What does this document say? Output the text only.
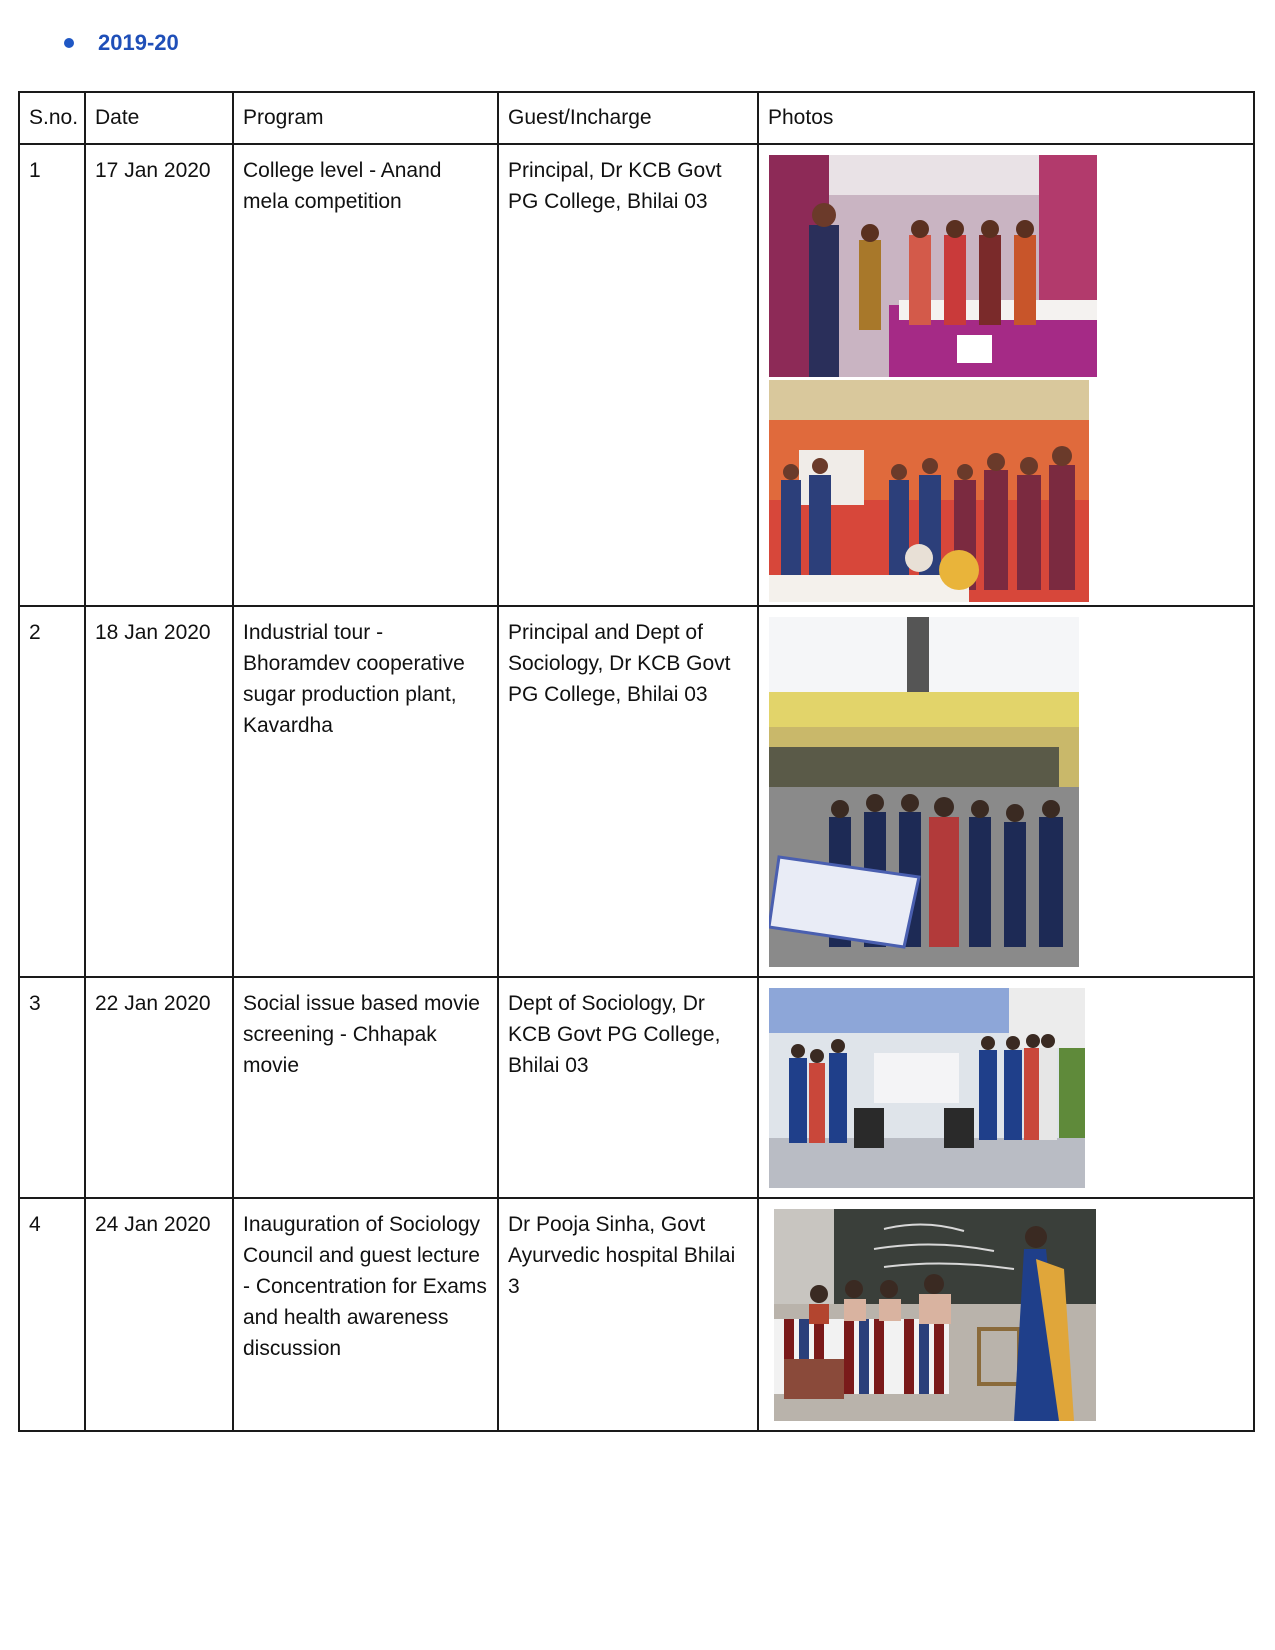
2019-20
S.no.	Date	Program	Guest/Incharge	Photos
1	17 Jan 2020	College level - Anand mela competition	Principal, Dr KCB Govt PG College, Bhilai 03	

2	18 Jan 2020	Industrial tour - Bhoramdev cooperative sugar production plant, Kavardha	Principal and Dept of Sociology, Dr KCB Govt PG College, Bhilai 03	

3	22 Jan 2020	Social issue based movie screening - Chhapak movie	Dept of Sociology, Dr KCB Govt PG College, Bhilai 03	

4	24 Jan 2020	Inauguration of Sociology Council and guest lecture - Concentration for Exams and health awareness discussion	Dr Pooja Sinha, Govt Ayurvedic hospital Bhilai 3	
